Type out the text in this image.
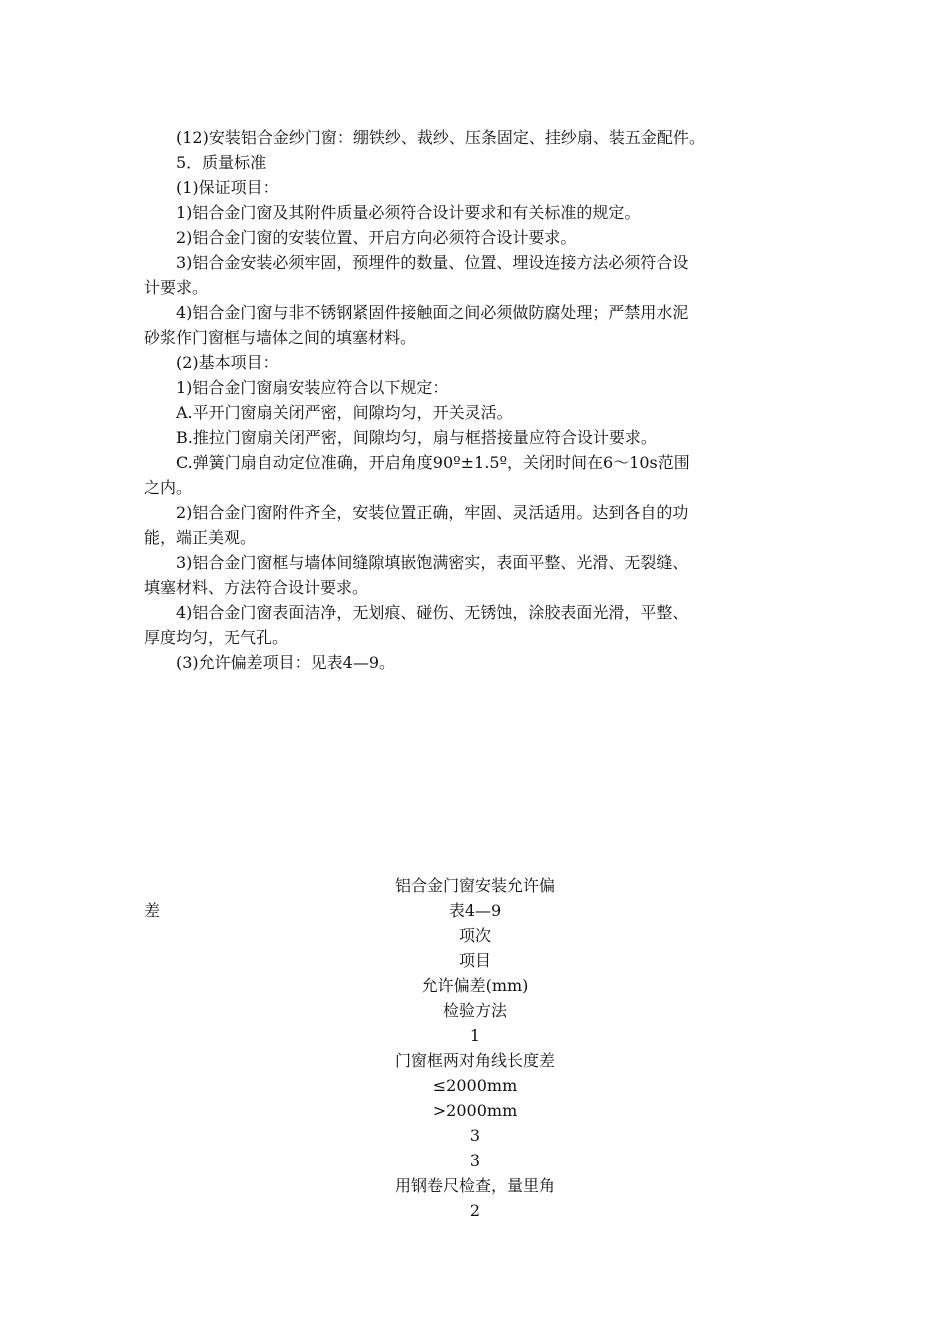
(12)安装铝合金纱门窗：绷铁纱、裁纱、压条固定、挂纱扇、装五金配件。
5．质量标准
(1)保证项目：
1)铝合金门窗及其附件质量必须符合设计要求和有关标准的规定。
2)铝合金门窗的安装位置、开启方向必须符合设计要求。
3)铝合金安装必须牢固，预埋件的数量、位置、埋设连接方法必须符合设
计要求。
4)铝合金门窗与非不锈钢紧固件接触面之间必须做防腐处理；严禁用水泥
砂浆作门窗框与墙体之间的填塞材料。
(2)基本项目：
1)铝合金门窗扇安装应符合以下规定：
A.平开门窗扇关闭严密，间隙均匀，开关灵活。
B.推拉门窗扇关闭严密，间隙均匀，扇与框搭接量应符合设计要求。
C.弹簧门扇自动定位准确，开启角度90º±1.5º，关闭时间在6～10s范围
之内。
2)铝合金门窗附件齐全，安装位置正确，牢固、灵活适用。达到各自的功
能，端正美观。
3)铝合金门窗框与墙体间缝隙填嵌饱满密实，表面平整、光滑、无裂缝、
填塞材料、方法符合设计要求。
4)铝合金门窗表面洁净，无划痕、碰伤、无锈蚀，涂胶表面光滑，平整、
厚度均匀，无气孔。
(3)允许偏差项目：见表4—9。
铝合金门窗安装允许偏
差	表4—9
项次
项目
允许偏差(mm)
检验方法
1
门窗框两对角线长度差
≤2000mm
>2000mm
3
3
用钢卷尺检查，量里角
2
